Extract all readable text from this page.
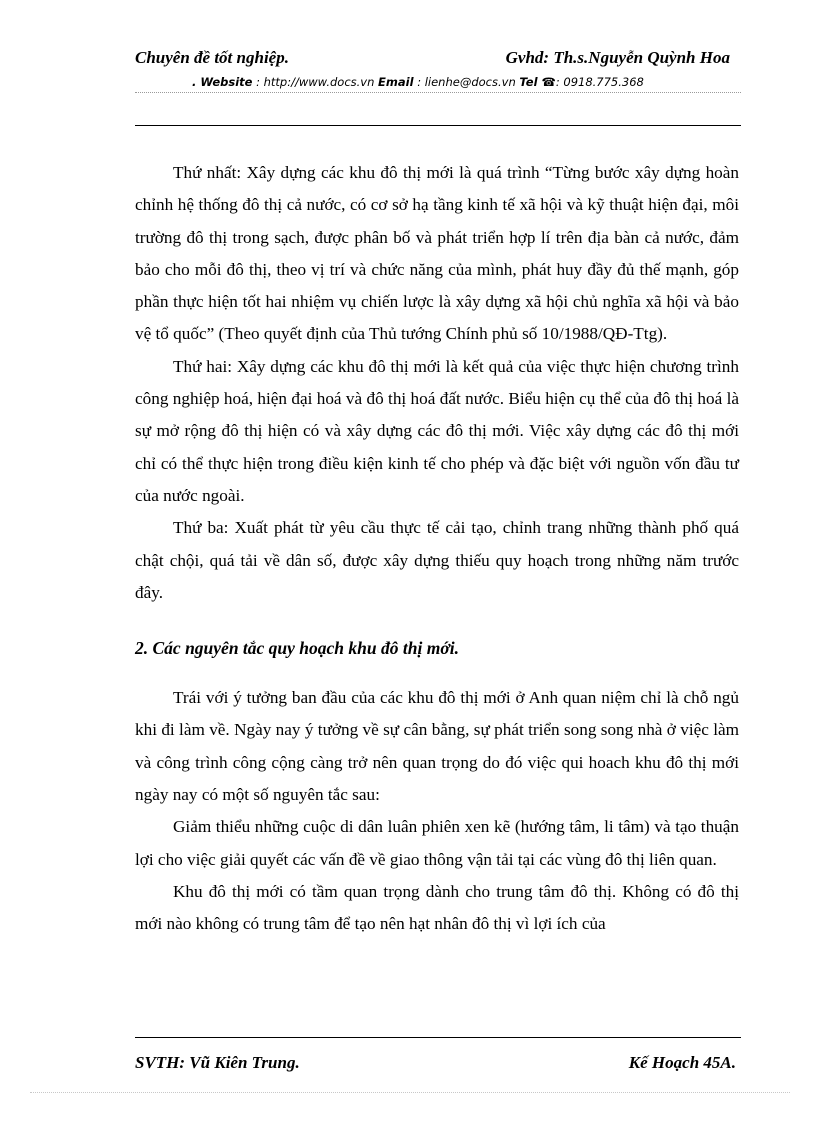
Chuyên đề tốt nghiệp.	Gvhd: Th.s.Nguyễn Quỳnh Hoa
. Website : http://www.docs.vn Email : lienhe@docs.vn Tel ☎: 0918.775.368

Thứ nhất: Xây dựng các khu đô thị mới là quá trình “Từng bước xây dựng hoàn chỉnh hệ thống đô thị cả nước, có cơ sở hạ tầng kinh tế xã hội và kỹ thuật hiện đại, môi trường đô thị trong sạch, được phân bố và phát triển hợp lí trên địa bàn cả nước, đảm bảo cho mỗi đô thị, theo vị trí và chức năng của mình, phát huy đầy đủ thế mạnh, góp phần thực hiện tốt hai nhiệm vụ chiến lược là xây dựng xã hội chủ nghĩa xã hội và bảo vệ tổ quốc” (Theo quyết định của Thủ tướng Chính phủ số 10/1988/QĐ-Ttg).

Thứ hai: Xây dựng các khu đô thị mới là kết quả của việc thực hiện chương trình công nghiệp hoá, hiện đại hoá và đô thị hoá đất nước. Biểu hiện cụ thể của đô thị hoá là sự mở rộng đô thị hiện có và xây dựng các đô thị mới. Việc xây dựng các đô thị mới chỉ có thể thực hiện trong điều kiện kinh tế cho phép và đặc biệt với nguồn vốn đầu tư của nước ngoài.

Thứ ba: Xuất phát từ yêu cầu thực tế cải tạo, chỉnh trang những thành phố quá chật chội, quá tải về dân số, được xây dựng thiếu quy hoạch trong những năm trước đây.

2. Các nguyên tắc quy hoạch khu đô thị mới.

Trái với ý tưởng ban đầu của các khu đô thị mới ở Anh quan niệm chỉ là chỗ ngủ khi đi làm về. Ngày nay ý tưởng về sự cân bằng, sự phát triển song song nhà ở việc làm và công trình công cộng càng trở nên quan trọng do đó việc qui hoach khu đô thị mới ngày nay có một số nguyên tắc sau:

Giảm thiểu những cuộc di dân luân phiên xen kẽ (hướng tâm, li tâm) và tạo thuận lợi cho việc giải quyết các vấn đề về giao thông vận tải tại các vùng đô thị liên quan.

Khu đô thị mới có tầm quan trọng dành cho trung tâm đô thị. Không có đô thị mới nào không có trung tâm để tạo nên hạt nhân đô thị vì lợi ích của

SVTH: Vũ Kiên Trung.	Kế Hoạch 45A.
